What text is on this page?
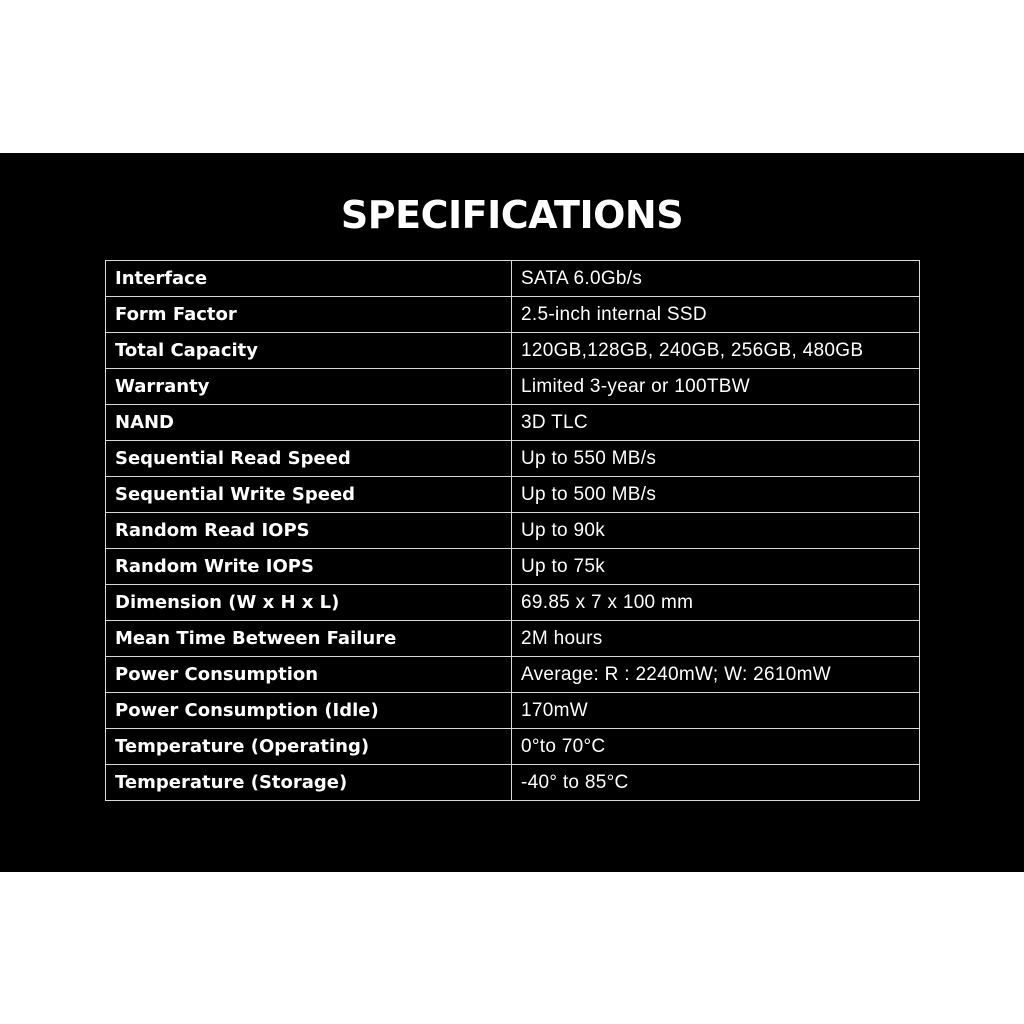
SPECIFICATIONS
Interface	SATA 6.0Gb/s
Form Factor	2.5-inch internal SSD
Total Capacity	120GB,128GB, 240GB, 256GB, 480GB
Warranty	Limited 3-year or 100TBW
NAND	3D TLC
Sequential Read Speed	Up to 550 MB/s
Sequential Write Speed	Up to 500 MB/s
Random Read IOPS	Up to 90k
Random Write IOPS	Up to 75k
Dimension (W x H x L)	69.85 x 7 x 100 mm
Mean Time Between Failure	2M hours
Power Consumption	Average: R : 2240mW; W: 2610mW
Power Consumption (Idle)	170mW
Temperature (Operating)	0°to 70°C
Temperature (Storage)	-40° to 85°C
